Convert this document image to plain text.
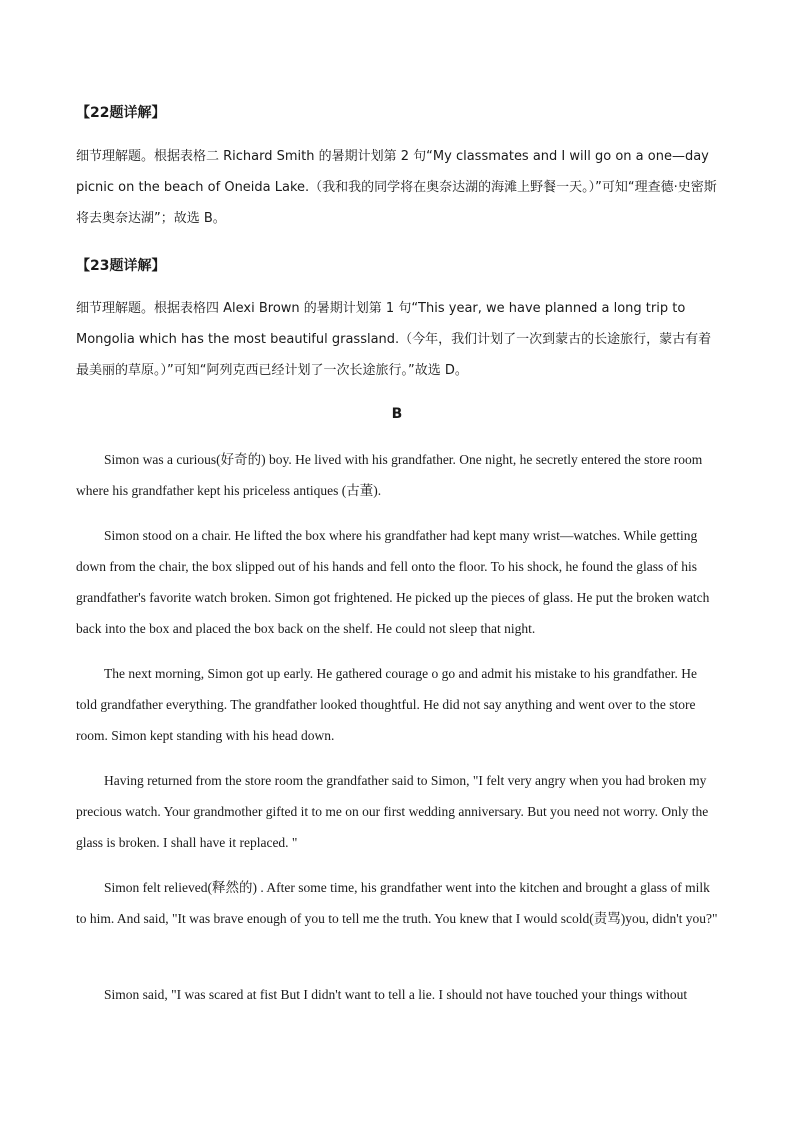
【22题详解】
细节理解题。根据表格二 Richard Smith 的暑期计划第 2 句“My classmates and I will go on a one—day picnic on the beach of Oneida Lake.（我和我的同学将在奥奈达湖的海滩上野餐一天。）”可知“理查德·史密斯将去奥奈达湖”；故选 B。
【23题详解】
细节理解题。根据表格四 Alexi Brown 的暑期计划第 1 句“This year, we have planned a long trip to Mongolia which has the most beautiful grassland.（今年，我们计划了一次到蒙古的长途旅行，蒙古有着最美丽的草原。）”可知“阿列克西已经计划了一次长途旅行。”故选 D。
B
Simon was a curious(好奇的) boy. He lived with his grandfather. One night, he secretly entered the store room where his grandfather kept his priceless antiques (古董).
Simon stood on a chair. He lifted the box where his grandfather had kept many wrist—watches. While getting down from the chair, the box slipped out of his hands and fell onto the floor. To his shock, he found the glass of his grandfather's favorite watch broken. Simon got frightened. He picked up the pieces of glass. He put the broken watch back into the box and placed the box back on the shelf. He could not sleep that night.
The next morning, Simon got up early. He gathered courage o go and admit his mistake to his grandfather. He told grandfather everything. The grandfather looked thoughtful. He did not say anything and went over to the store room. Simon kept standing with his head down.
Having returned from the store room the grandfather said to Simon, "I felt very angry when you had broken my precious watch. Your grandmother gifted it to me on our first wedding anniversary. But you need not worry. Only the glass is broken. I shall have it replaced. "
Simon felt relieved(释然的) . After some time, his grandfather went into the kitchen and brought a glass of milk to him. And said, "It was brave enough of you to tell me the truth. You knew that I would scold(责骂)you, didn't you?"
Simon said, "I was scared at fist But I didn't want to tell a lie. I should not have touched your things without
